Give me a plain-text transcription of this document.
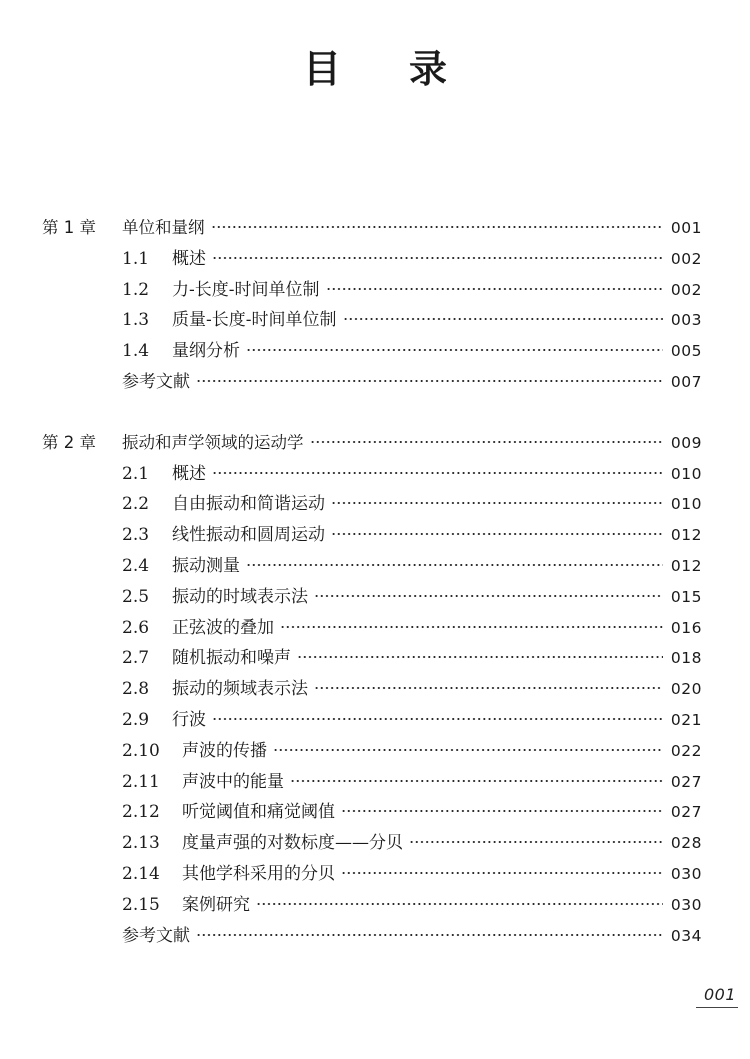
目录
第 1 章	单位和量纲	001
1.1	概述	002
1.2	力-长度-时间单位制	002
1.3	质量-长度-时间单位制	003
1.4	量纲分析	005
参考文献	007
第 2 章	振动和声学领域的运动学	009
2.1	概述	010
2.2	自由振动和简谐运动	010
2.3	线性振动和圆周运动	012
2.4	振动测量	012
2.5	振动的时域表示法	015
2.6	正弦波的叠加	016
2.7	随机振动和噪声	018
2.8	振动的频域表示法	020
2.9	行波	021
2.10	声波的传播	022
2.11	声波中的能量	027
2.12	听觉阈值和痛觉阈值	027
2.13	度量声强的对数标度——分贝	028
2.14	其他学科采用的分贝	030
2.15	案例研究	030
参考文献	034
001
